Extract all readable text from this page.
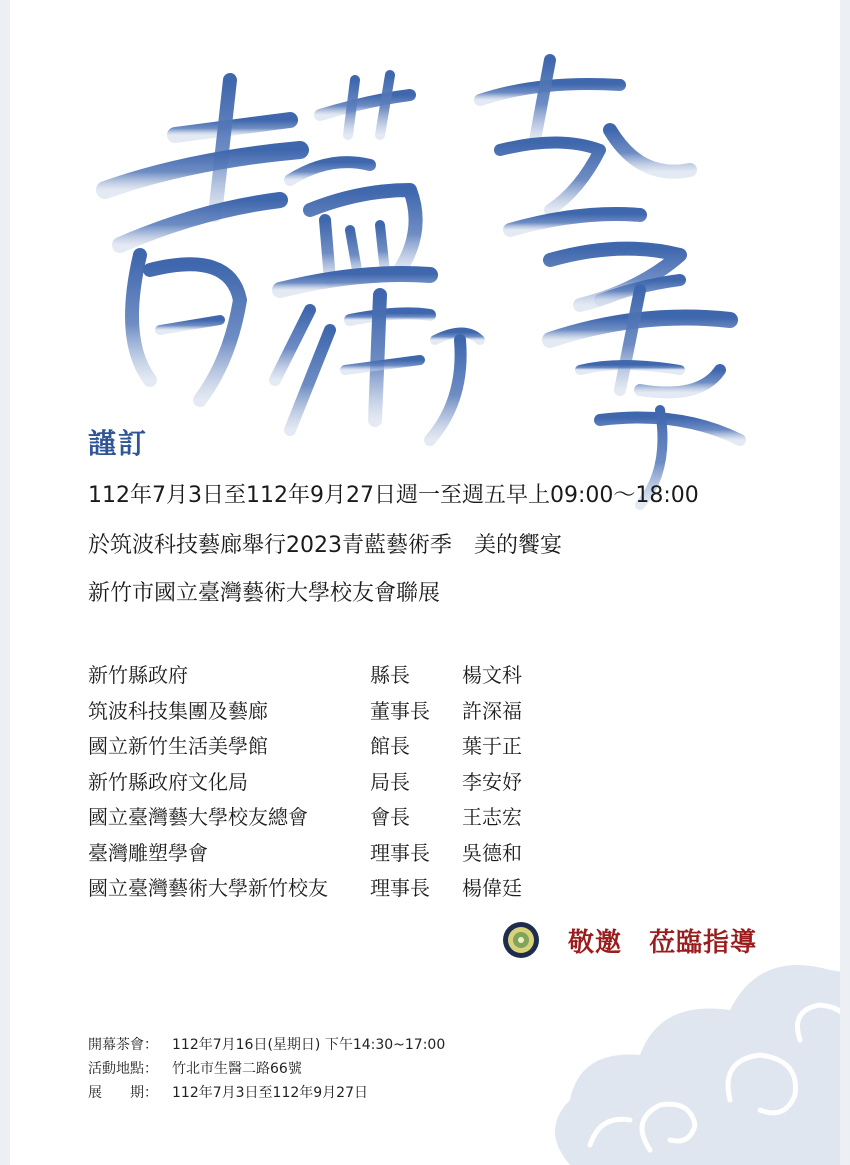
謹訂
112年7月3日至112年9月27日週一至週五早上09:00～18:00
於筑波科技藝廊舉行2023青藍藝術季　美的饗宴
新竹市國立臺灣藝術大學校友會聯展
新竹縣政府	縣長	楊文科
筑波科技集團及藝廊	董事長	許深福
國立新竹生活美學館	館長	葉于正
新竹縣政府文化局	局長	李安妤
國立臺灣藝大學校友總會	會長	王志宏
臺灣雕塑學會	理事長	吳德和
國立臺灣藝術大學新竹校友	理事長	楊偉廷
敬邀　莅臨指導
開幕茶會：	112年7月16日(星期日) 下午14:30~17:00
活動地點：	竹北市生醫二路66號
展　　期：	112年7月3日至112年9月27日
